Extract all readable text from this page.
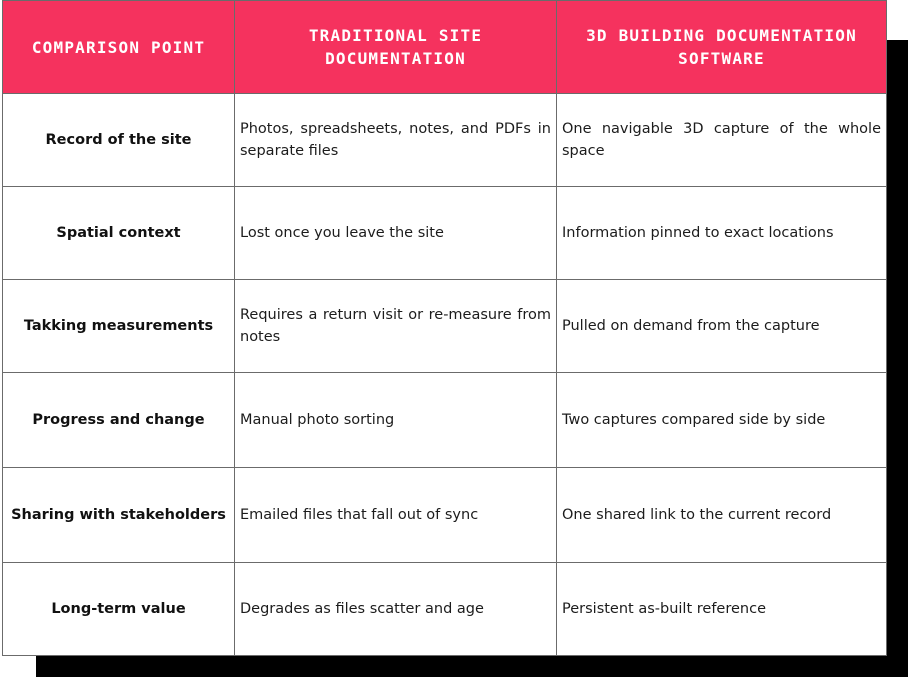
COMPARISON POINT	TRADITIONAL SITE DOCUMENTATION	3D BUILDING DOCUMENTATION SOFTWARE
Record of the site	Photos, spreadsheets, notes, and PDFs in separate files	One navigable 3D capture of the whole space
Spatial context	Lost once you leave the site	Information pinned to exact locations
Takking measurements	Requires a return visit or re-measure from notes	Pulled on demand from the capture
Progress and change	Manual photo sorting	Two captures compared side by side
Sharing with stakeholders	Emailed files that fall out of sync	One shared link to the current record
Long-term value	Degrades as files scatter and age	Persistent as-built reference
